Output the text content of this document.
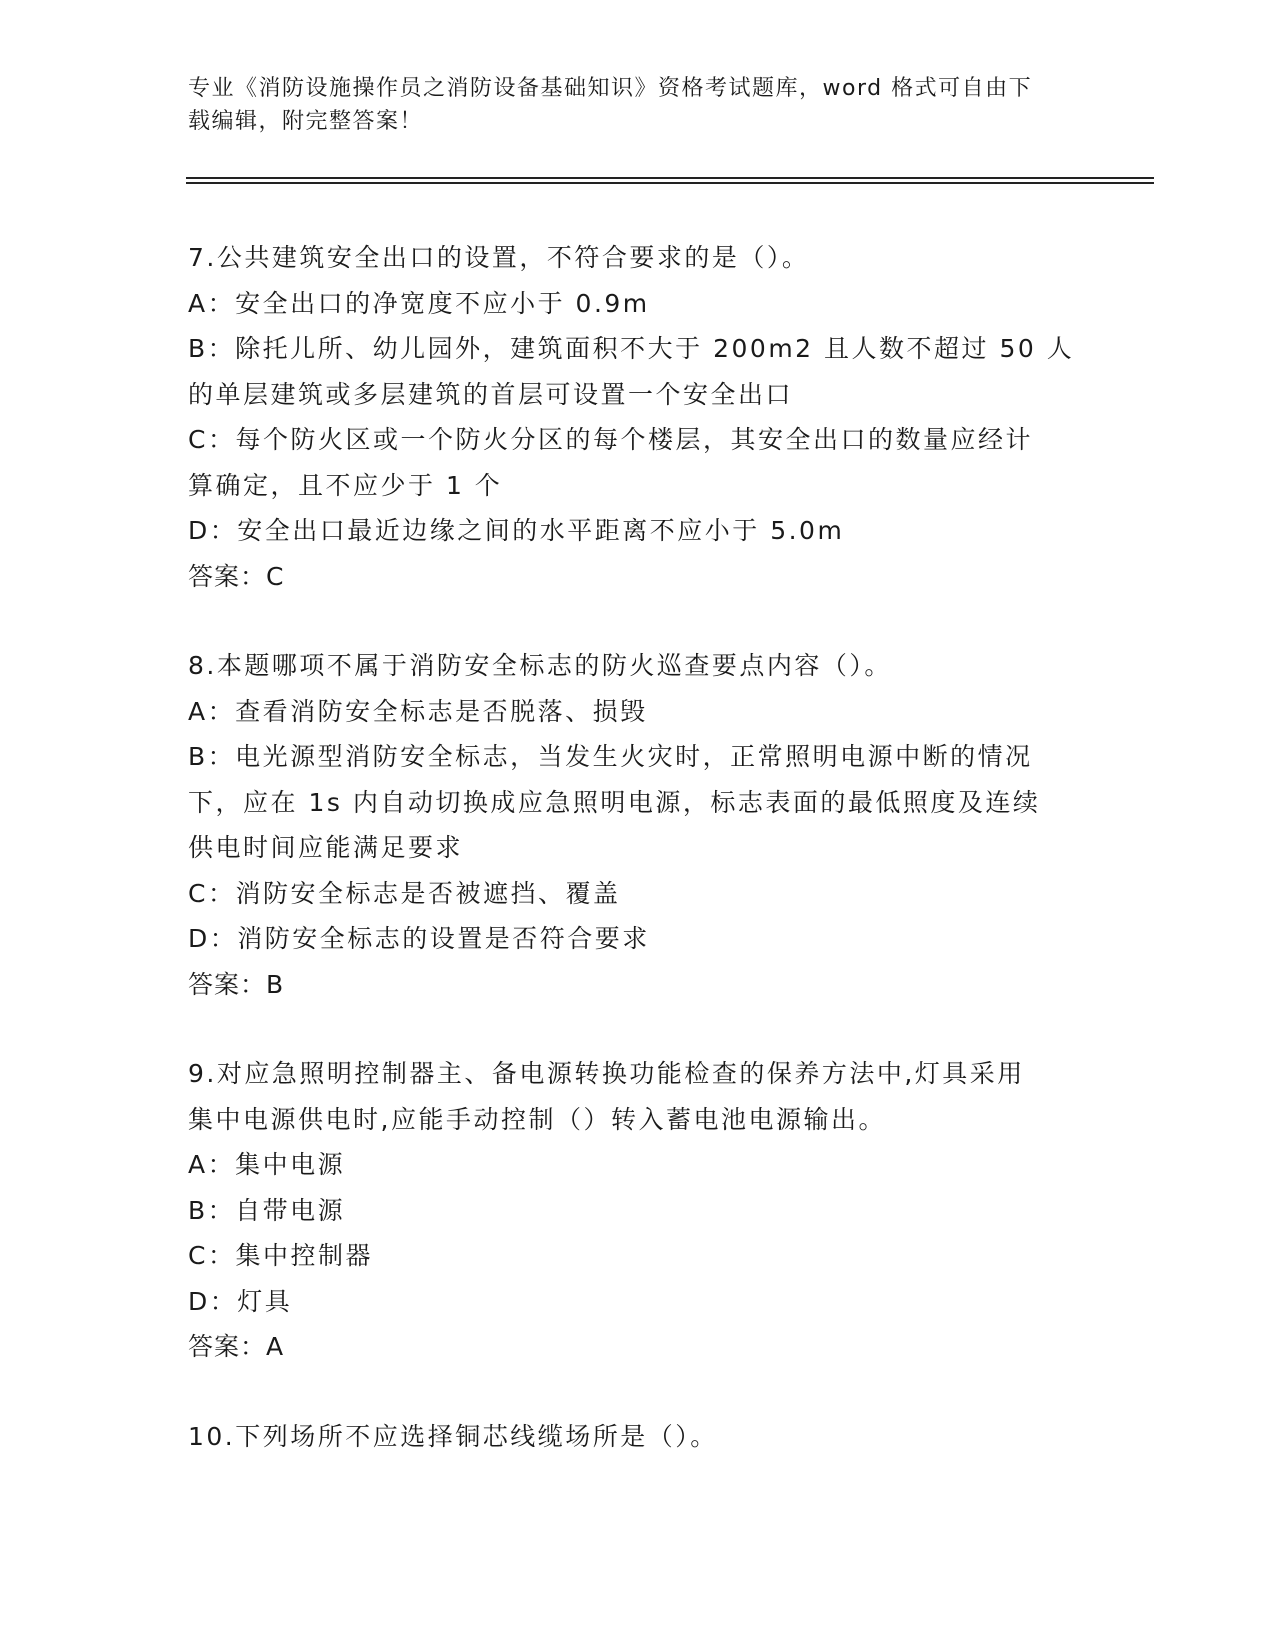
专业《消防设施操作员之消防设备基础知识》资格考试题库，word 格式可自由下
载编辑，附完整答案！
7.公共建筑安全出口的设置，不符合要求的是（）。
A：安全出口的净宽度不应小于 0.9m
B：除托儿所、幼儿园外，建筑面积不大于 200m2 且人数不超过 50 人
的单层建筑或多层建筑的首层可设置一个安全出口
C：每个防火区或一个防火分区的每个楼层，其安全出口的数量应经计
算确定，且不应少于 1 个
D：安全出口最近边缘之间的水平距离不应小于 5.0m
答案：C
8.本题哪项不属于消防安全标志的防火巡查要点内容（）。
A：查看消防安全标志是否脱落、损毁
B：电光源型消防安全标志，当发生火灾时，正常照明电源中断的情况
下，应在 1s 内自动切换成应急照明电源，标志表面的最低照度及连续
供电时间应能满足要求
C：消防安全标志是否被遮挡、覆盖
D：消防安全标志的设置是否符合要求
答案：B
9.对应急照明控制器主、备电源转换功能检查的保养方法中,灯具采用
集中电源供电时,应能手动控制（）转入蓄电池电源输出。
A：集中电源
B：自带电源
C：集中控制器
D：灯具
答案：A
10.下列场所不应选择铜芯线缆场所是（）。
